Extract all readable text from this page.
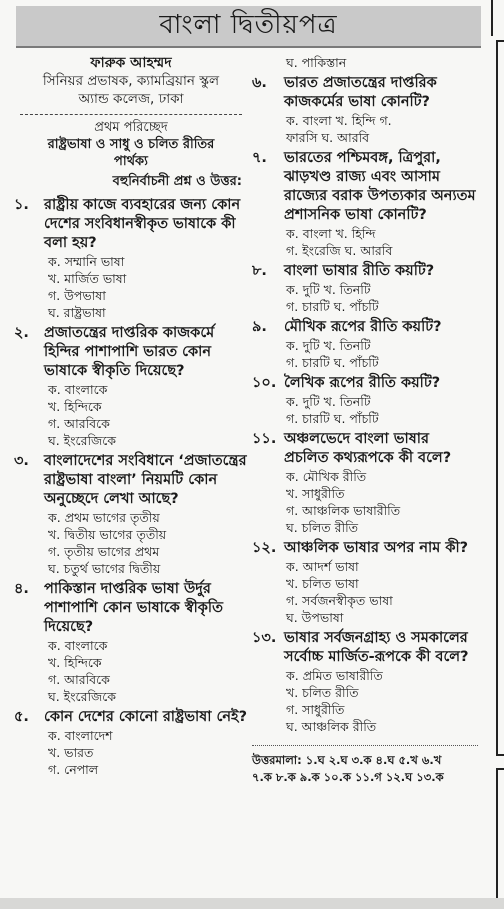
বাংলা দ্বিতীয়পত্র
ফারুক আহম্মদ
সিনিয়র প্রভাষক, ক্যামব্রিয়ান স্কুল
অ্যান্ড কলেজ, ঢাকা
প্রথম পরিচ্ছেদ
রাষ্ট্রভাষা ও সাধু ও চলিত রীতির
পার্থক্য
বহুনির্বাচনী প্রশ্ন ও উত্তর:
১.	রাষ্ট্রীয় কাজে ব্যবহারের জন্য কোন দেশের সংবিধানস্বীকৃত ভাষাকে কী বলা হয়?
ক. সম্মানি ভাষা
খ. মার্জিত ভাষা
গ. উপভাষা
ঘ. রাষ্ট্রভাষা
২.	প্রজাতন্ত্রের দাপ্তরিক কাজকর্মে হিন্দির পাশাপাশি ভারত কোন ভাষাকে স্বীকৃতি দিয়েছে?
ক. বাংলাকে
খ. হিন্দিকে
গ. আরবিকে
ঘ. ইংরেজিকে
৩.	বাংলাদেশের সংবিধানে ‘প্রজাতন্ত্রের রাষ্ট্রভাষা বাংলা’ নিয়মটি কোন অনুচ্ছেদে লেখা আছে?
ক. প্রথম ভাগের তৃতীয়
খ. দ্বিতীয় ভাগের তৃতীয়
গ. তৃতীয় ভাগের প্রথম
ঘ. চতুর্থ ভাগের দ্বিতীয়
৪.	পাকিস্তান দাপ্তরিক ভাষা উর্দুর পাশাপাশি কোন ভাষাকে স্বীকৃতি দিয়েছে?
ক. বাংলাকে
খ. হিন্দিকে
গ. আরবিকে
ঘ. ইংরেজিকে
৫.	কোন দেশের কোনো রাষ্ট্রভাষা নেই?
ক. বাংলাদেশ
খ. ভারত
গ. নেপাল
ঘ. পাকিস্তান
৬.	ভারত প্রজাতন্ত্রের দাপ্তরিক কাজকর্মের ভাষা কোনটি?
ক. বাংলা খ. হিন্দি গ.
ফারসি ঘ. আরবি
৭.	ভারতের পশ্চিমবঙ্গ, ত্রিপুরা, ঝাড়খণ্ড রাজ্য এবং আসাম রাজ্যের বরাক উপত্যকার অন্যতম প্রশাসনিক ভাষা কোনটি?
ক. বাংলা খ. হিন্দি
গ. ইংরেজি ঘ. আরবি
৮.	বাংলা ভাষার রীতি কয়টি?
ক. দুটি খ. তিনটি
গ. চারটি ঘ. পাঁচটি
৯.	মৌখিক রূপের রীতি কয়টি?
ক. দুটি খ. তিনটি
গ. চারটি ঘ. পাঁচটি
১০. লৈখিক রূপের রীতি কয়টি?
ক. দুটি খ. তিনটি
গ. চারটি ঘ. পাঁচটি
১১. অঞ্চলভেদে বাংলা ভাষার প্রচলিত কথ্যরূপকে কী বলে?
ক. মৌখিক রীতি
খ. সাধুরীতি
গ. আঞ্চলিক ভাষারীতি
ঘ. চলিত রীতি
১২. আঞ্চলিক ভাষার অপর নাম কী?
ক. আদর্শ ভাষা
খ. চলিত ভাষা
গ. সর্বজনস্বীকৃত ভাষা
ঘ. উপভাষা
১৩. ভাষার সর্বজনগ্রাহ্য ও সমকালের সর্বোচ্চ মার্জিত-রূপকে কী বলে?
ক. প্রমিত ভাষারীতি
খ. চলিত রীতি
গ. সাধুরীতি
ঘ. আঞ্চলিক রীতি
উত্তরমালা: ১.ঘ ২.ঘ ৩.ক ৪.ঘ ৫.খ ৬.খ
৭.ক ৮.ক ৯.ক ১০.ক ১১.গ ১২.ঘ ১৩.ক
